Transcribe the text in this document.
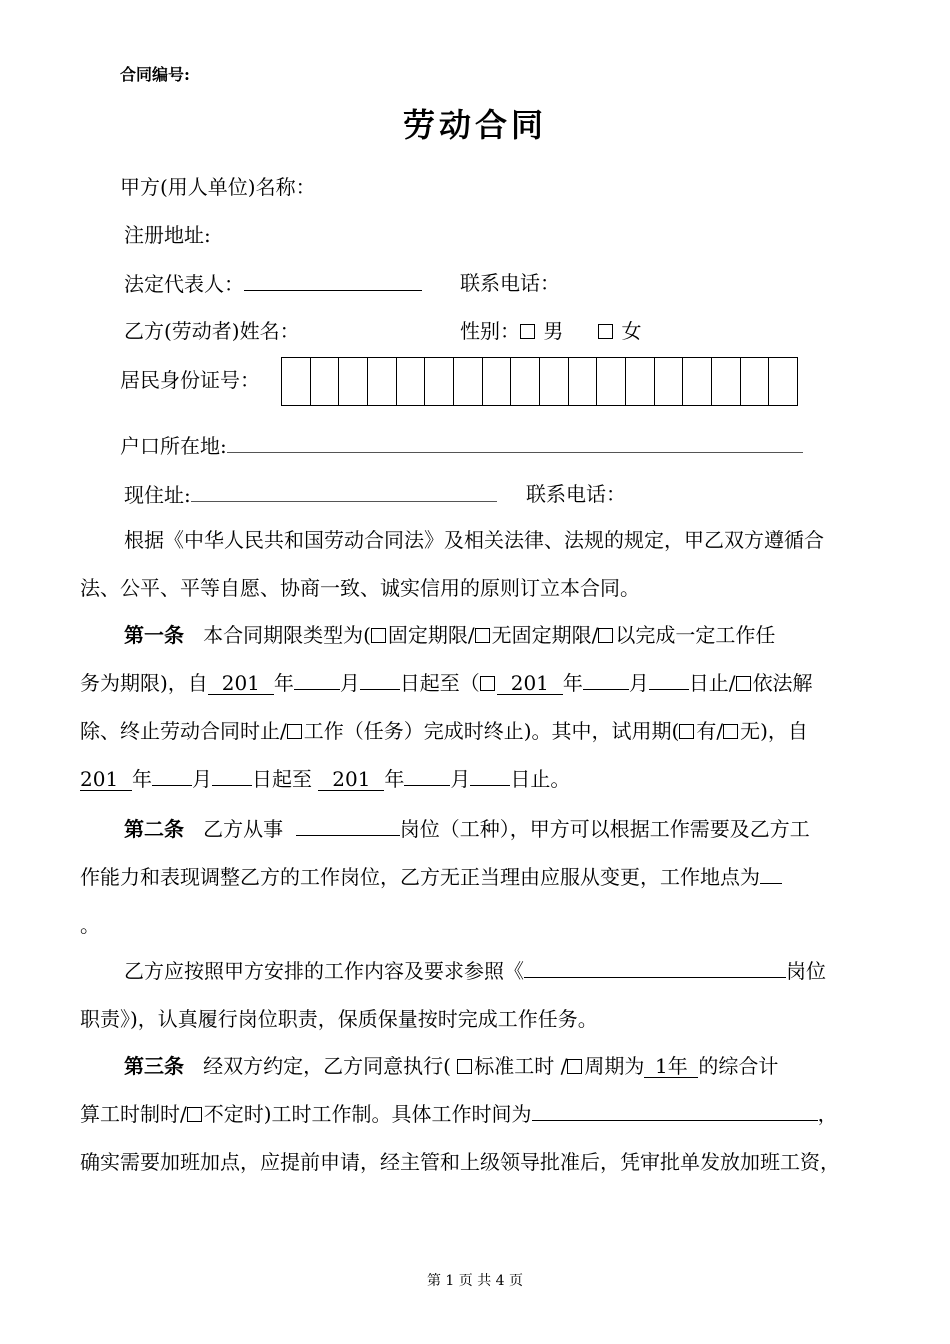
合同编号:
劳动合同
甲方(用人单位)名称：
注册地址:
法定代表人：	联系电话：
乙方(劳动者)姓名：	性别： 男	女
居民身份证号：
户口所在地:
现住址:	联系电话：
根据《中华人民共和国劳动合同法》及相关法律、法规的规定，甲乙双方遵循合
法、公平、平等自愿、协商一致、诚实信用的原则订立本合同。
第一条 本合同期限类型为( 固定期限/ 无固定期限/ 以完成一定工作任
务为期限)，自 201 年 月 日起至（ 201 年 月 日止/ 依法解
除、终止劳动合同时止/ 工作（任务）完成时终止)。其中，试用期( 有/ 无)，自
201 年 月 日起至 201 年 月 日止。
第二条 乙方从事	岗位（工种），甲方可以根据工作需要及乙方工
作能力和表现调整乙方的工作岗位，乙方无正当理由应服从变更，工作地点为
。
乙方应按照甲方安排的工作内容及要求参照《	岗位
职责》)，认真履行岗位职责，保质保量按时完成工作任务。
第三条 经双方约定，乙方同意执行( 标准工时 / 周期为 1年 的综合计
算工时制时/ 不定时)工时工作制。具体工作时间为	，
确实需要加班加点，应提前申请，经主管和上级领导批准后，凭审批单发放加班工资，
第 1 页 共 4 页
